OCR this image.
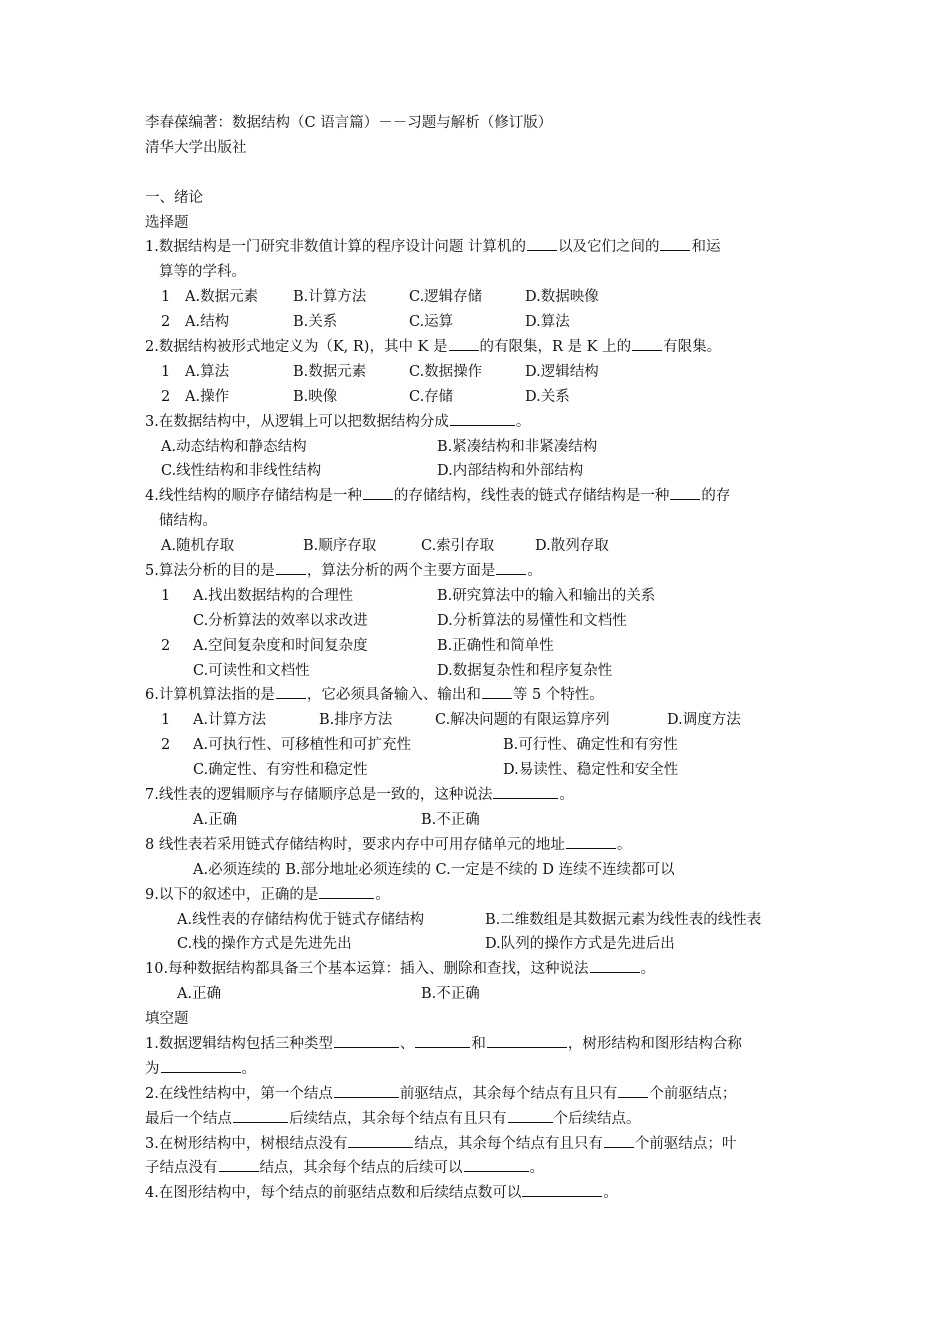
李春葆编著：数据结构（C 语言篇）－－习题与解析（修订版）
清华大学出版社
一、绪论
选择题
1.数据结构是一门研究非数值计算的程序设计问题 计算机的 以及它们之间的 和运
算等的学科。
1 A.数据元素 B.计算方法	C.逻辑存储	D.数据映像
2 A.结构	B.关系	C.运算	D.算法
2.数据结构被形式地定义为（K, R)，其中 K 是 的有限集，R 是 K 上的 有限集。
1 A.算法	B.数据元素	C.数据操作	D.逻辑结构
2 A.操作	B.映像	C.存储	D.关系
3.在数据结构中，从逻辑上可以把数据结构分成	。
A.动态结构和静态结构	B.紧凑结构和非紧凑结构
C.线性结构和非线性结构	D.内部结构和外部结构
4.线性结构的顺序存储结构是一种 的存储结构，线性表的链式存储结构是一种 的存
储结构。
A.随机存取	B.顺序存取	C.索引存取	D.散列存取
5.算法分析的目的是 ，算法分析的两个主要方面是 。
1 A.找出数据结构的合理性	B.研究算法中的输入和输出的关系
C.分析算法的效率以求改进	D.分析算法的易懂性和文档性
2 A.空间复杂度和时间复杂度	B.正确性和简单性
C.可读性和文档性	D.数据复杂性和程序复杂性
6.计算机算法指的是 ，它必须具备输入、输出和 等 5 个特性。
1 A.计算方法	B.排序方法	C.解决问题的有限运算序列	D.调度方法
2 A.可执行性、可移植性和可扩充性	B.可行性、确定性和有穷性
C.确定性、有穷性和稳定性	D.易读性、稳定性和安全性
7.线性表的逻辑顺序与存储顺序总是一致的，这种说法	。
A.正确	B.不正确
8 线性表若采用链式存储结构时，要求内存中可用存储单元的地址	。
A.必须连续的 B.部分地址必须连续的 C.一定是不续的 D 连续不连续都可以
9.以下的叙述中，正确的是	。
A.线性表的存储结构优于链式存储结构	B.二维数组是其数据元素为线性表的线性表
C.栈的操作方式是先进先出	D.队列的操作方式是先进后出
10.每种数据结构都具备三个基本运算：插入、删除和查找，这种说法	。
A.正确	B.不正确
填空题
1.数据逻辑结构包括三种类型	、	和	，树形结构和图形结构合称
为	。
2.在线性结构中，第一个结点	前驱结点，其余每个结点有且只有 个前驱结点；
最后一个结点	后续结点，其余每个结点有且只有	个后续结点。
3.在树形结构中，树根结点没有	结点，其余每个结点有且只有 个前驱结点；叶
子结点没有	结点，其余每个结点的后续可以	。
4.在图形结构中，每个结点的前驱结点数和后续结点数可以	。
